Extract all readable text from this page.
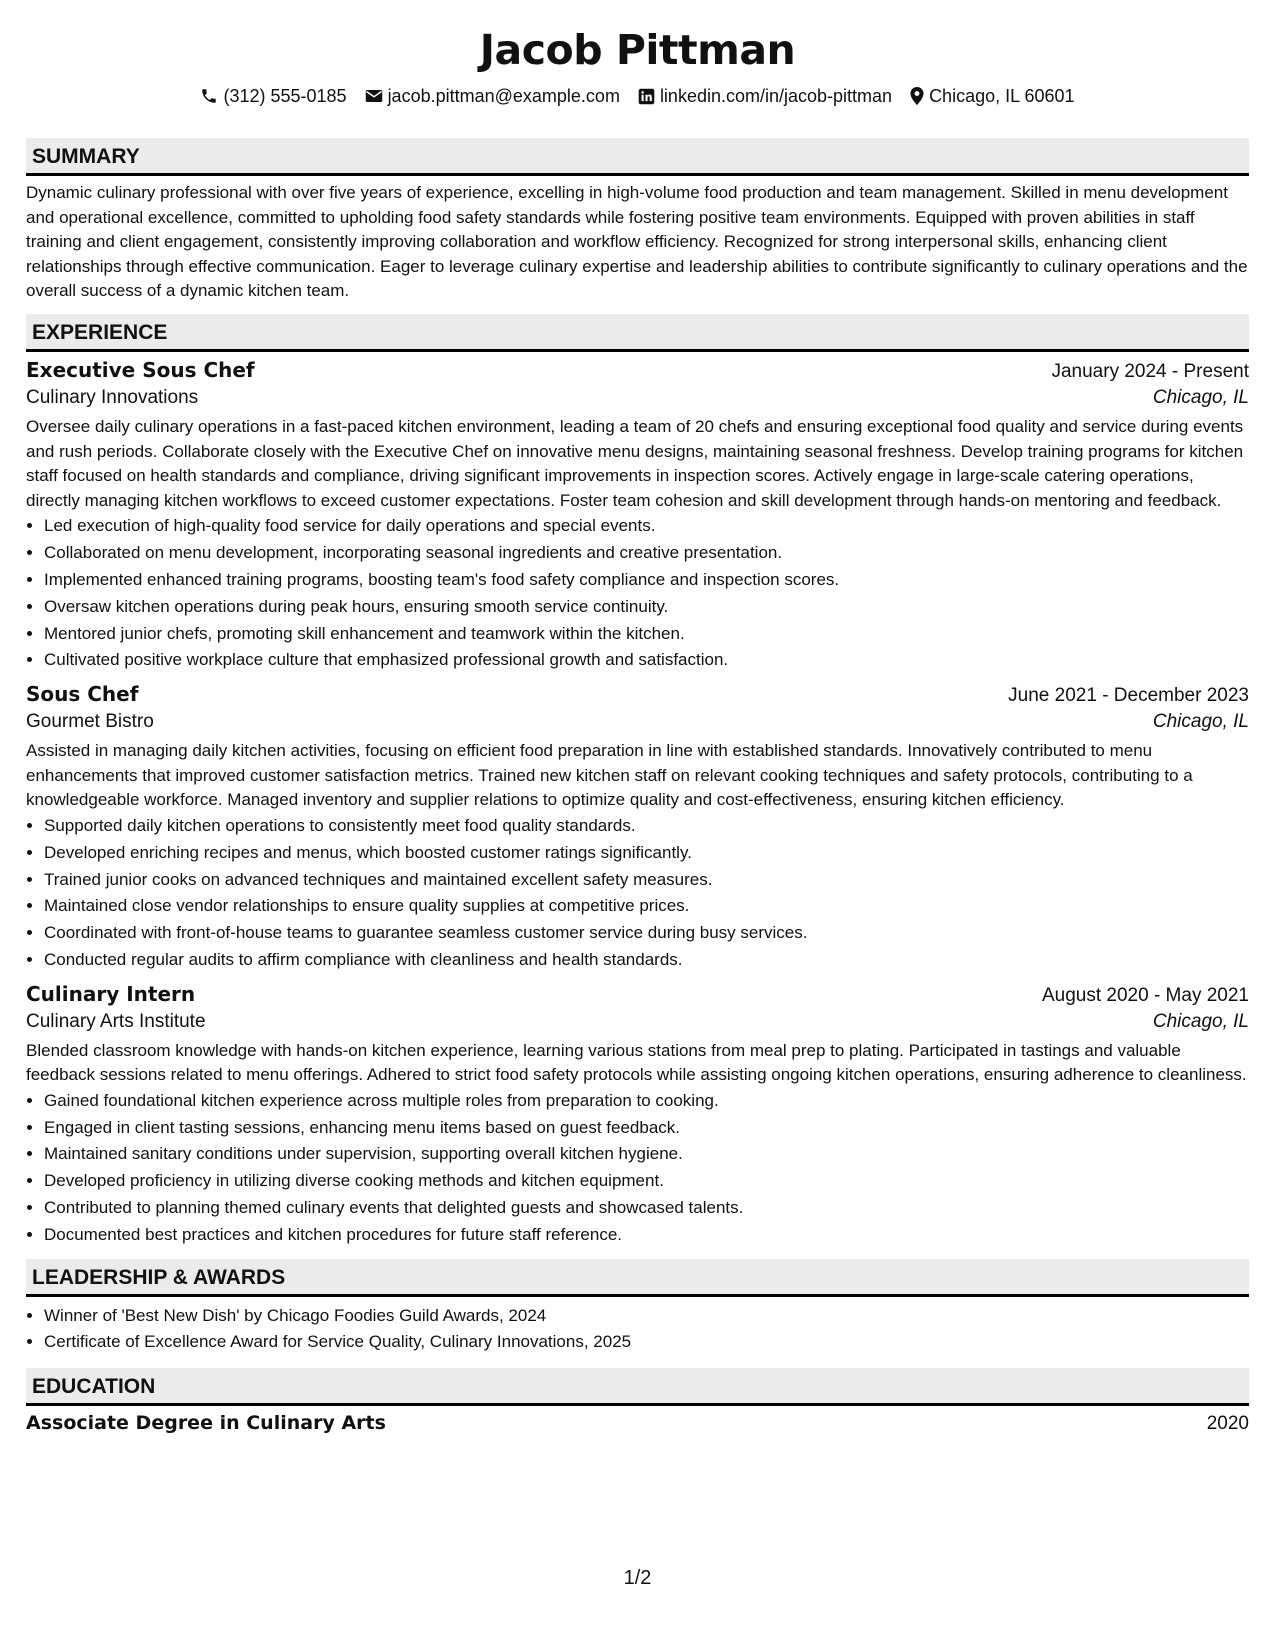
Jacob Pittman
(312) 555-0185 jacob.pittman@example.com linkedin.com/in/jacob-pittman Chicago, IL 60601
SUMMARY

Dynamic culinary professional with over five years of experience, excelling in high-volume food production and team management. Skilled in menu development and operational excellence, committed to upholding food safety standards while fostering positive team environments. Equipped with proven abilities in staff training and client engagement, consistently improving collaboration and workflow efficiency. Recognized for strong interpersonal skills, enhancing client relationships through effective communication. Eager to leverage culinary expertise and leadership abilities to contribute significantly to culinary operations and the overall success of a dynamic kitchen team.

EXPERIENCE
Executive Sous Chef	January 2024 - Present
Culinary Innovations	Chicago, IL

Oversee daily culinary operations in a fast-paced kitchen environment, leading a team of 20 chefs and ensuring exceptional food quality and service during events and rush periods. Collaborate closely with the Executive Chef on innovative menu designs, maintaining seasonal freshness. Develop training programs for kitchen staff focused on health standards and compliance, driving significant improvements in inspection scores. Actively engage in large-scale catering operations, directly managing kitchen workflows to exceed customer expectations. Foster team cohesion and skill development through hands-on mentoring and feedback.

• Led execution of high-quality food service for daily operations and special events.
• Collaborated on menu development, incorporating seasonal ingredients and creative presentation.
• Implemented enhanced training programs, boosting team's food safety compliance and inspection scores.
• Oversaw kitchen operations during peak hours, ensuring smooth service continuity.
• Mentored junior chefs, promoting skill enhancement and teamwork within the kitchen.
• Cultivated positive workplace culture that emphasized professional growth and satisfaction.
Sous Chef	June 2021 - December 2023
Gourmet Bistro	Chicago, IL

Assisted in managing daily kitchen activities, focusing on efficient food preparation in line with established standards. Innovatively contributed to menu enhancements that improved customer satisfaction metrics. Trained new kitchen staff on relevant cooking techniques and safety protocols, contributing to a knowledgeable workforce. Managed inventory and supplier relations to optimize quality and cost-effectiveness, ensuring kitchen efficiency.

• Supported daily kitchen operations to consistently meet food quality standards.
• Developed enriching recipes and menus, which boosted customer ratings significantly.
• Trained junior cooks on advanced techniques and maintained excellent safety measures.
• Maintained close vendor relationships to ensure quality supplies at competitive prices.
• Coordinated with front-of-house teams to guarantee seamless customer service during busy services.
• Conducted regular audits to affirm compliance with cleanliness and health standards.
Culinary Intern	August 2020 - May 2021
Culinary Arts Institute	Chicago, IL

Blended classroom knowledge with hands-on kitchen experience, learning various stations from meal prep to plating. Participated in tastings and valuable feedback sessions related to menu offerings. Adhered to strict food safety protocols while assisting ongoing kitchen operations, ensuring adherence to cleanliness.

• Gained foundational kitchen experience across multiple roles from preparation to cooking.
• Engaged in client tasting sessions, enhancing menu items based on guest feedback.
• Maintained sanitary conditions under supervision, supporting overall kitchen hygiene.
• Developed proficiency in utilizing diverse cooking methods and kitchen equipment.
• Contributed to planning themed culinary events that delighted guests and showcased talents.
• Documented best practices and kitchen procedures for future staff reference.
LEADERSHIP & AWARDS
• Winner of 'Best New Dish' by Chicago Foodies Guild Awards, 2024
• Certificate of Excellence Award for Service Quality, Culinary Innovations, 2025
EDUCATION
Associate Degree in Culinary Arts	2020
1/2
